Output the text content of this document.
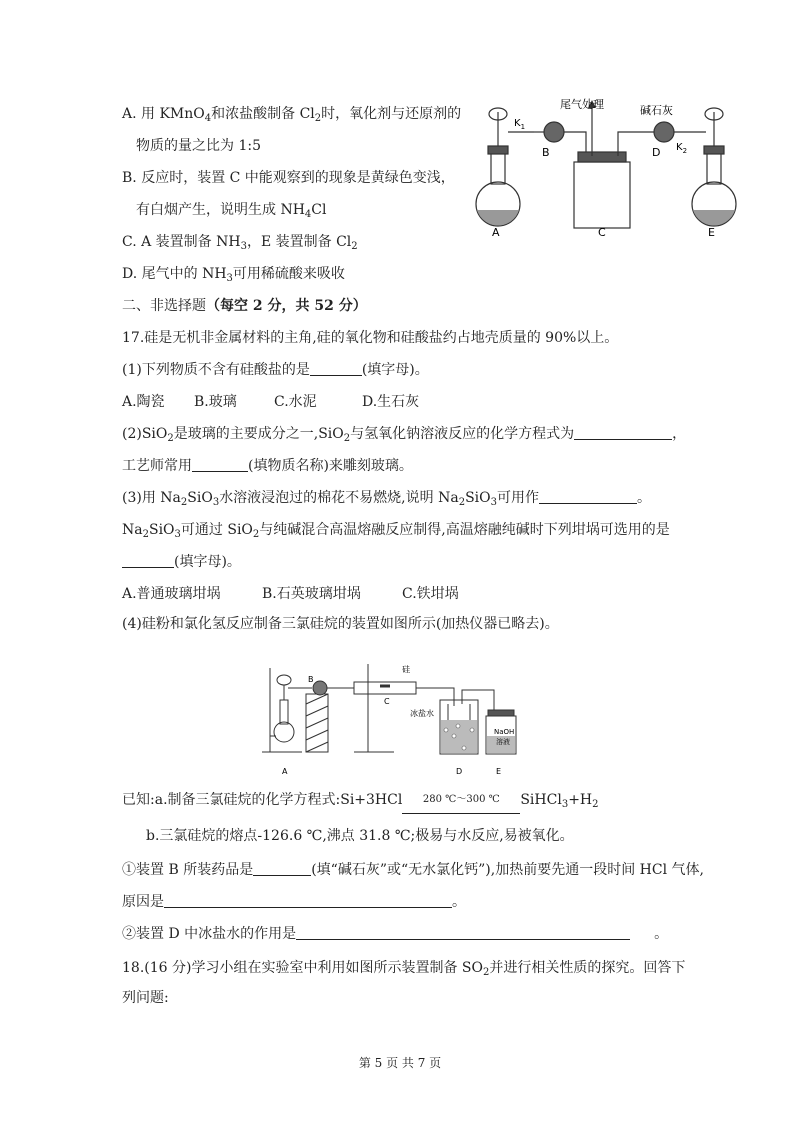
A. 用 KMnO$_4$和浓盐酸制备 $Cl_2$时，氧化剂与还原剂的
物质的量之比为 1:5
B. 反应时，装置 C 中能观察到的现象是黄绿色变浅，
有白烟产生，说明生成 $NH_4Cl$
C. A 装置制备 $NH_3$，E 装置制备 $Cl_2$
D. 尾气中的 $NH_3$可用稀硫酸来吸收
尾气处理	碱石灰
$K_1$
$K_2$
B	D
A	C	E
二、非选择题（每空 2 分，共 52 分）
17.硅是无机非金属材料的主角,硅的氧化物和硅酸盐约占地壳质量的 90%以上。
(1)下列物质不含有硅酸盐的是	(填字母)。
A.陶瓷 B.玻璃	C.水泥	D.生石灰
(2)SiO$_2$是玻璃的主要成分之一,SiO$_2$与氢氧化钠溶液反应的化学方程式为	，
工艺师常用	(填物质名称)来雕刻玻璃。
(3)用 $Na_2SiO_3$水溶液浸泡过的棉花不易燃烧,说明 $Na_2SiO_3$可用作	。
$Na_2SiO_3$可通过 SiO$_2$与纯碱混合高温熔融反应制得,高温熔融纯碱时下列坩埚可选用的是
(填字母)。
A.普通玻璃坩埚	B.石英玻璃坩埚	C.铁坩埚
(4)硅粉和氯化氢反应制备三氯硅烷的装置如图所示(加热仪器已略去)。
B
硅
C
冰盐水
NaOH
溶液
A	D	E
已知:a.制备三氯硅烷的化学方程式:Si+3HCl 280 ℃～300 ℃ $SiHCl_3+H_2$
b.三氯硅烷的熔点-126.6 ℃,沸点 31.8 ℃;极易与水反应,易被氧化。
①装置 B 所装药品是	(填“碱石灰”或“无水氯化钙”),加热前要先通一段时间 HCl 气体,
原因是	。
②装置 D 中冰盐水的作用是	。
18.(16 分)学习小组在实验室中利用如图所示装置制备 $SO_2$并进行相关性质的探究。回答下
列问题:
第 5 页 共 7 页
